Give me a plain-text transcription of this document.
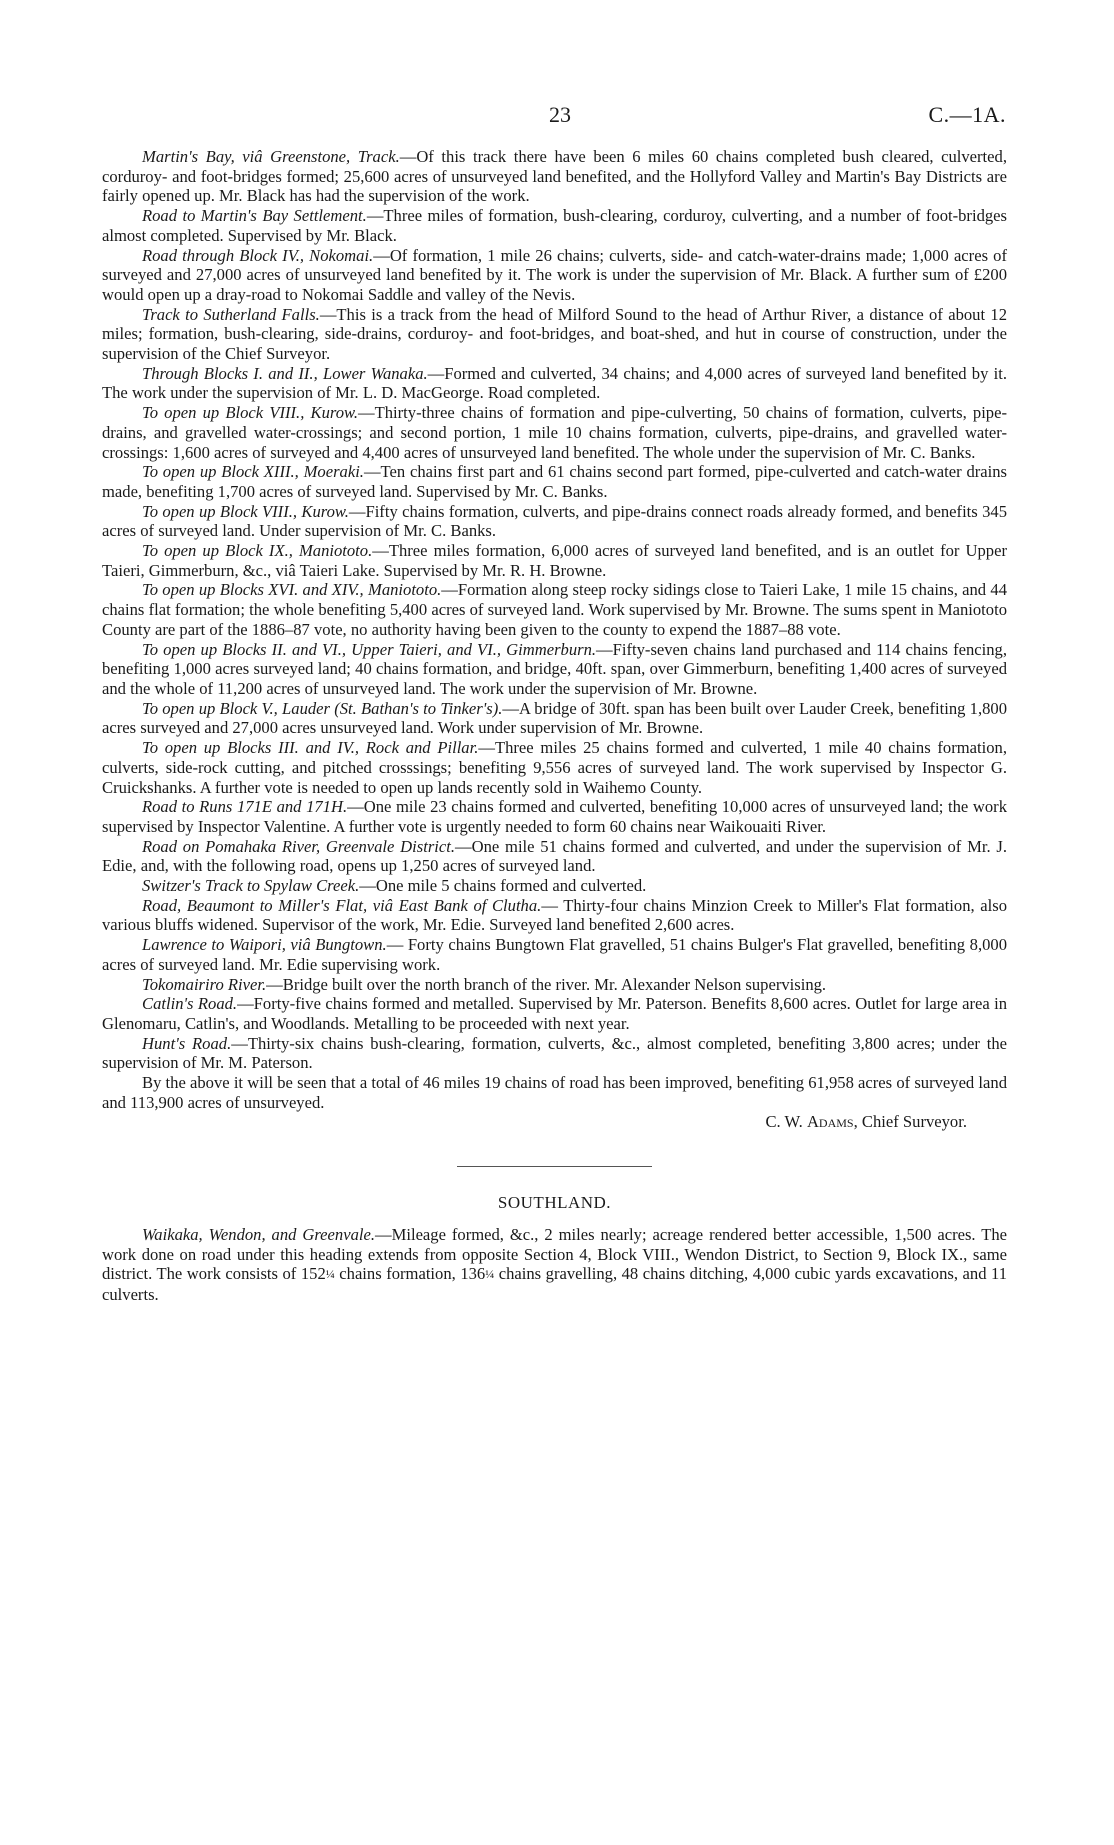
23	C.—1A.

Martin's Bay, viâ Greenstone, Track.—Of this track there have been 6 miles 60 chains completed bush cleared, culverted, corduroy- and foot-bridges formed; 25,600 acres of unsurveyed land benefited, and the Hollyford Valley and Martin's Bay Districts are fairly opened up. Mr. Black has had the supervision of the work.

Road to Martin's Bay Settlement.—Three miles of formation, bush-clearing, corduroy, culverting, and a number of foot-bridges almost completed. Supervised by Mr. Black.

Road through Block IV., Nokomai.—Of formation, 1 mile 26 chains; culverts, side- and catch-water-drains made; 1,000 acres of surveyed and 27,000 acres of unsurveyed land benefited by it. The work is under the supervision of Mr. Black. A further sum of £200 would open up a dray-road to Nokomai Saddle and valley of the Nevis.

Track to Sutherland Falls.—This is a track from the head of Milford Sound to the head of Arthur River, a distance of about 12 miles; formation, bush-clearing, side-drains, corduroy- and foot-bridges, and boat-shed, and hut in course of construction, under the supervision of the Chief Surveyor.

Through Blocks I. and II., Lower Wanaka.—Formed and culverted, 34 chains; and 4,000 acres of surveyed land benefited by it. The work under the supervision of Mr. L. D. MacGeorge. Road completed.

To open up Block VIII., Kurow.—Thirty-three chains of formation and pipe-culverting, 50 chains of formation, culverts, pipe-drains, and gravelled water-crossings; and second portion, 1 mile 10 chains formation, culverts, pipe-drains, and gravelled water-crossings: 1,600 acres of surveyed and 4,400 acres of unsurveyed land benefited. The whole under the supervision of Mr. C. Banks.

To open up Block XIII., Moeraki.—Ten chains first part and 61 chains second part formed, pipe-culverted and catch-water drains made, benefiting 1,700 acres of surveyed land. Supervised by Mr. C. Banks.

To open up Block VIII., Kurow.—Fifty chains formation, culverts, and pipe-drains connect roads already formed, and benefits 345 acres of surveyed land. Under supervision of Mr. C. Banks.

To open up Block IX., Maniototo.—Three miles formation, 6,000 acres of surveyed land benefited, and is an outlet for Upper Taieri, Gimmerburn, &c., viâ Taieri Lake. Supervised by Mr. R. H. Browne.

To open up Blocks XVI. and XIV., Maniototo.—Formation along steep rocky sidings close to Taieri Lake, 1 mile 15 chains, and 44 chains flat formation; the whole benefiting 5,400 acres of surveyed land. Work supervised by Mr. Browne. The sums spent in Maniototo County are part of the 1886–87 vote, no authority having been given to the county to expend the 1887–88 vote.

To open up Blocks II. and VI., Upper Taieri, and VI., Gimmerburn.—Fifty-seven chains land purchased and 114 chains fencing, benefiting 1,000 acres surveyed land; 40 chains formation, and bridge, 40ft. span, over Gimmerburn, benefiting 1,400 acres of surveyed and the whole of 11,200 acres of unsurveyed land. The work under the supervision of Mr. Browne.

To open up Block V., Lauder (St. Bathan's to Tinker's).—A bridge of 30ft. span has been built over Lauder Creek, benefiting 1,800 acres surveyed and 27,000 acres unsurveyed land. Work under supervision of Mr. Browne.

To open up Blocks III. and IV., Rock and Pillar.—Three miles 25 chains formed and culverted, 1 mile 40 chains formation, culverts, side-rock cutting, and pitched crosssings; benefiting 9,556 acres of surveyed land. The work supervised by Inspector G. Cruickshanks. A further vote is needed to open up lands recently sold in Waihemo County.

Road to Runs 171E and 171H.—One mile 23 chains formed and culverted, benefiting 10,000 acres of unsurveyed land; the work supervised by Inspector Valentine. A further vote is urgently needed to form 60 chains near Waikouaiti River.

Road on Pomahaka River, Greenvale District.—One mile 51 chains formed and culverted, and under the supervision of Mr. J. Edie, and, with the following road, opens up 1,250 acres of surveyed land.

Switzer's Track to Spylaw Creek.—One mile 5 chains formed and culverted.

Road, Beaumont to Miller's Flat, viâ East Bank of Clutha.— Thirty-four chains Minzion Creek to Miller's Flat formation, also various bluffs widened. Supervisor of the work, Mr. Edie. Surveyed land benefited 2,600 acres.

Lawrence to Waipori, viâ Bungtown.— Forty chains Bungtown Flat gravelled, 51 chains Bulger's Flat gravelled, benefiting 8,000 acres of surveyed land. Mr. Edie supervising work.

Tokomairiro River.—Bridge built over the north branch of the river. Mr. Alexander Nelson supervising.

Catlin's Road.—Forty-five chains formed and metalled. Supervised by Mr. Paterson. Benefits 8,600 acres. Outlet for large area in Glenomaru, Catlin's, and Woodlands. Metalling to be proceeded with next year.

Hunt's Road.—Thirty-six chains bush-clearing, formation, culverts, &c., almost completed, benefiting 3,800 acres; under the supervision of Mr. M. Paterson.

By the above it will be seen that a total of 46 miles 19 chains of road has been improved, benefiting 61,958 acres of surveyed land and 113,900 acres of unsurveyed.

C. W. Adams, Chief Surveyor.

SOUTHLAND.

Waikaka, Wendon, and Greenvale.—Mileage formed, &c., 2 miles nearly; acreage rendered better accessible, 1,500 acres. The work done on road under this heading extends from opposite Section 4, Block VIII., Wendon District, to Section 9, Block IX., same district. The work consists of 152¼ chains formation, 136¼ chains gravelling, 48 chains ditching, 4,000 cubic yards excavations, and 11 culverts.
